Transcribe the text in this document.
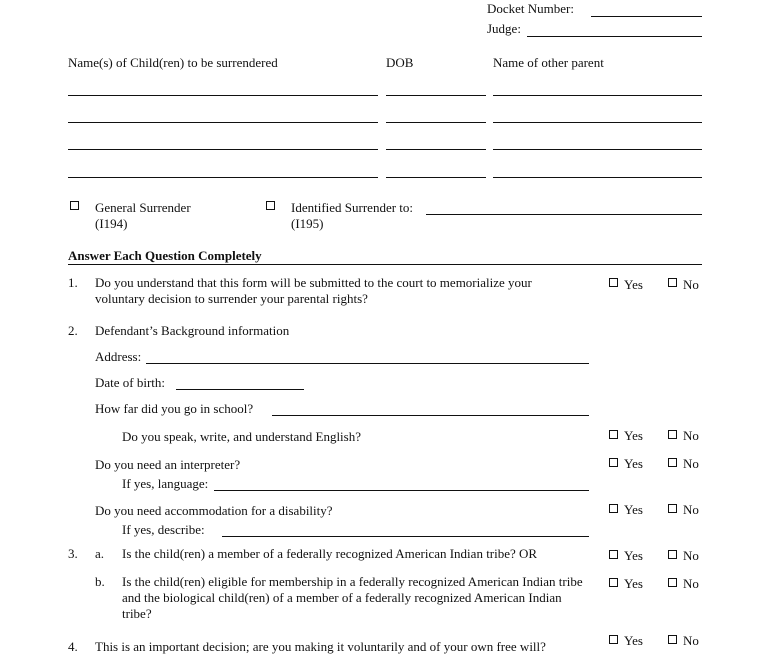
Docket Number:
Judge:
Name(s) of Child(ren) to be surrendered	DOB	Name of other parent
General Surrender
(I194)
Identified Surrender to:
(I195)
Answer Each Question Completely
1. Do you understand that this form will be submitted to the court to memorialize your voluntary decision to surrender your parental rights?
Yes	No
2. Defendant’s Background information
Address:
Date of birth:
How far did you go in school?
Do you speak, write, and understand English?	Yes	No
Do you need an interpreter?	Yes	No
If yes, language:
Do you need accommodation for a disability?	Yes	No
If yes, describe:
3. a. Is the child(ren) a member of a federally recognized American Indian tribe? OR	Yes	No
b. Is the child(ren) eligible for membership in a federally recognized American Indian tribe and the biological child(ren) of a member of a federally recognized American Indian tribe?
Yes	No
4. This is an important decision; are you making it voluntarily and of your own free will?	Yes	No
